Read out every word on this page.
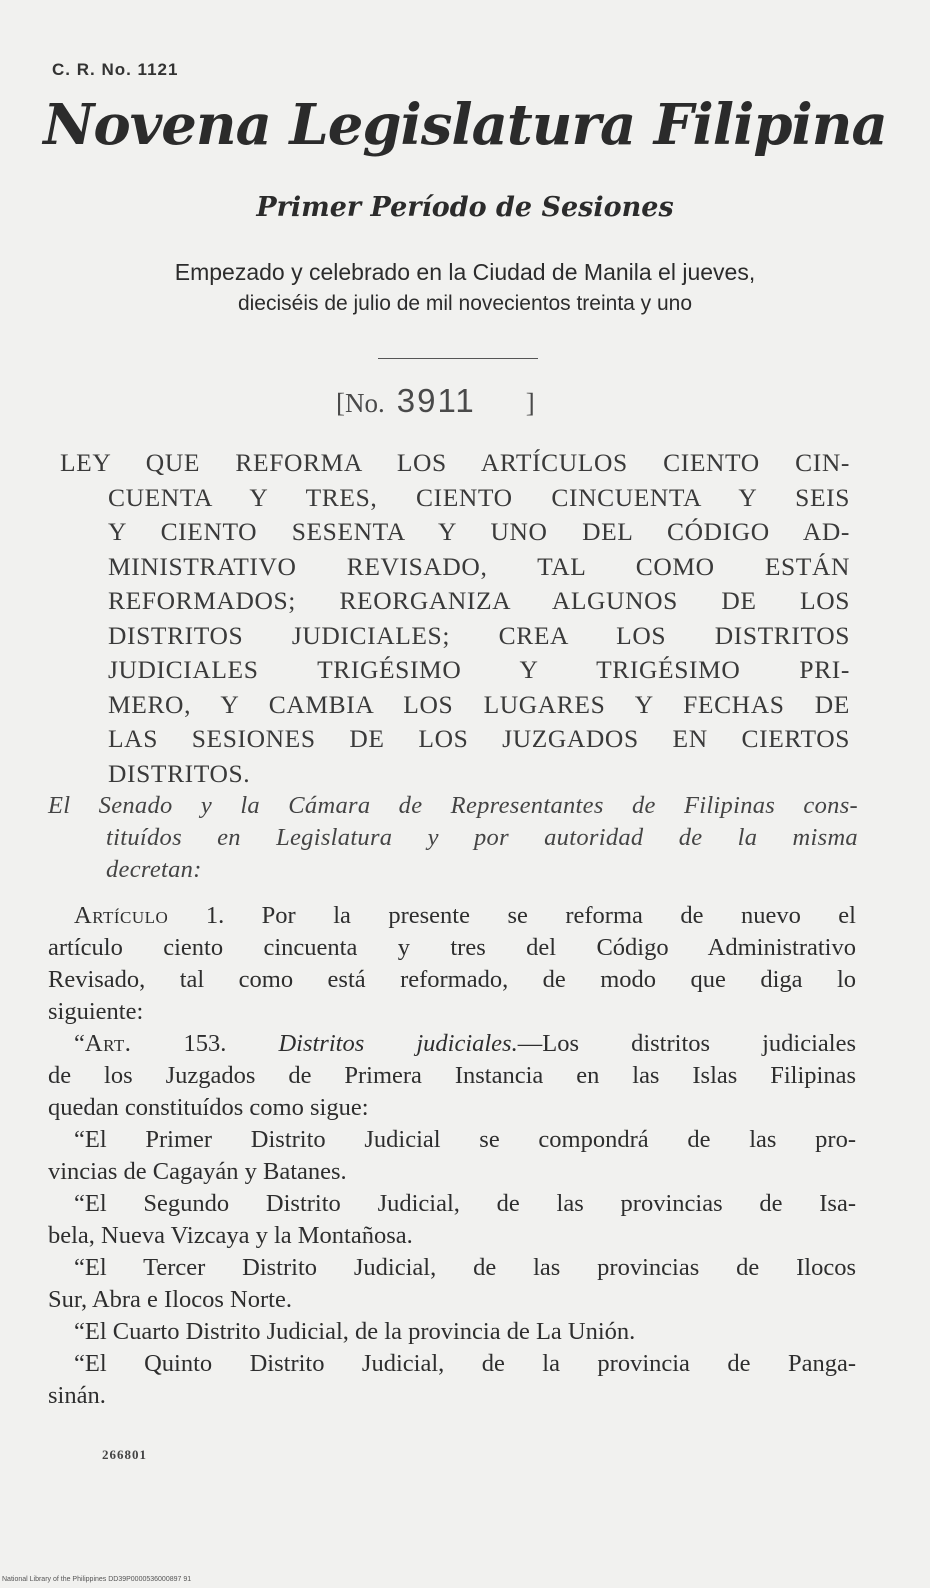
C. R. No. 1121
Novena Legislatura Filipina
Primer Período de Sesiones
Empezado y celebrado en la Ciudad de Manila el jueves,
dieciséis de julio de mil novecientos treinta y uno
[No. 3911 ]
LEY QUE REFORMA LOS ARTÍCULOS CIENTO CIN-
CUENTA Y TRES, CIENTO CINCUENTA Y SEIS
Y CIENTO SESENTA Y UNO DEL CÓDIGO AD-
MINISTRATIVO REVISADO, TAL COMO ESTÁN
REFORMADOS; REORGANIZA ALGUNOS DE LOS
DISTRITOS JUDICIALES; CREA LOS DISTRITOS
JUDICIALES TRIGÉSIMO Y TRIGÉSIMO PRI-
MERO, Y CAMBIA LOS LUGARES Y FECHAS DE
LAS SESIONES DE LOS JUZGADOS EN CIERTOS
DISTRITOS.
El Senado y la Cámara de Representantes de Filipinas cons-
tituídos en Legislatura y por autoridad de la misma
decretan:
Artículo 1. Por la presente se reforma de nuevo el
artículo ciento cincuenta y tres del Código Administrativo
Revisado, tal como está reformado, de modo que diga lo
siguiente:
“Art. 153. Distritos judiciales.—Los distritos judiciales
de los Juzgados de Primera Instancia en las Islas Filipinas
quedan constituídos como sigue:
“El Primer Distrito Judicial se compondrá de las pro-
vincias de Cagayán y Batanes.
“El Segundo Distrito Judicial, de las provincias de Isa-
bela, Nueva Vizcaya y la Montañosa.
“El Tercer Distrito Judicial, de las provincias de Ilocos
Sur, Abra e Ilocos Norte.
“El Cuarto Distrito Judicial, de la provincia de La Unión.
“El Quinto Distrito Judicial, de la provincia de Panga-
sinán.
266801
National Library of the Philippines DD39P0000536000897 91
